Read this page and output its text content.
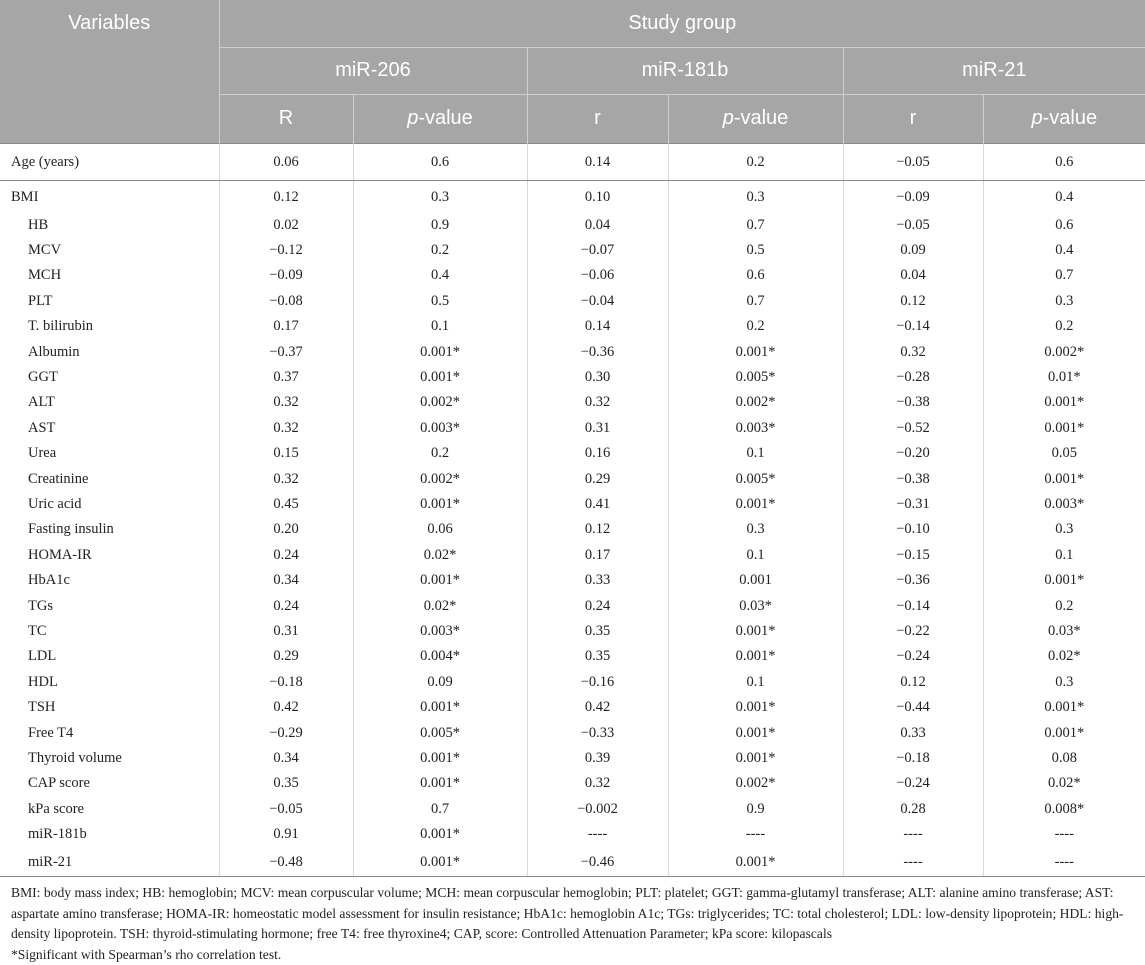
Variables	Study group					
	miR-206		miR-181b		miR-21	
	R	p-value	r	p-value	r	p-value
Age (years)	0.06	0.6	0.14	0.2	−0.05	0.6
BMI	0.12	0.3	0.10	0.3	−0.09	0.4
HB	0.02	0.9	0.04	0.7	−0.05	0.6
MCV	−0.12	0.2	−0.07	0.5	0.09	0.4
MCH	−0.09	0.4	−0.06	0.6	0.04	0.7
PLT	−0.08	0.5	−0.04	0.7	0.12	0.3
T. bilirubin	0.17	0.1	0.14	0.2	−0.14	0.2
Albumin	−0.37	0.001*	−0.36	0.001*	0.32	0.002*
GGT	0.37	0.001*	0.30	0.005*	−0.28	0.01*
ALT	0.32	0.002*	0.32	0.002*	−0.38	0.001*
AST	0.32	0.003*	0.31	0.003*	−0.52	0.001*
Urea	0.15	0.2	0.16	0.1	−0.20	0.05
Creatinine	0.32	0.002*	0.29	0.005*	−0.38	0.001*
Uric acid	0.45	0.001*	0.41	0.001*	−0.31	0.003*
Fasting insulin	0.20	0.06	0.12	0.3	−0.10	0.3
HOMA-IR	0.24	0.02*	0.17	0.1	−0.15	0.1
HbA1c	0.34	0.001*	0.33	0.001	−0.36	0.001*
TGs	0.24	0.02*	0.24	0.03*	−0.14	0.2
TC	0.31	0.003*	0.35	0.001*	−0.22	0.03*
LDL	0.29	0.004*	0.35	0.001*	−0.24	0.02*
HDL	−0.18	0.09	−0.16	0.1	0.12	0.3
TSH	0.42	0.001*	0.42	0.001*	−0.44	0.001*
Free T4	−0.29	0.005*	−0.33	0.001*	0.33	0.001*
Thyroid volume	0.34	0.001*	0.39	0.001*	−0.18	0.08
CAP score	0.35	0.001*	0.32	0.002*	−0.24	0.02*
kPa score	−0.05	0.7	−0.002	0.9	0.28	0.008*
miR-181b	0.91	0.001*	----	----	----	----
miR-21	−0.48	0.001*	−0.46	0.001*	----	----
BMI: body mass index; HB: hemoglobin; MCV: mean corpuscular volume; MCH: mean corpuscular hemoglobin; PLT: platelet; GGT: gamma-glutamyl transferase; ALT: alanine amino transferase; AST: aspartate amino transferase; HOMA-IR: homeostatic model assessment for insulin resistance; HbA1c: hemoglobin A1c; TGs: triglycerides; TC: total cholesterol; LDL: low-density lipoprotein; HDL: high-density lipoprotein. TSH: thyroid-stimulating hormone; free T4: free thyroxine4; CAP, score: Controlled Attenuation Parameter; kPa score: kilopascals
*Significant with Spearman’s rho correlation test.
